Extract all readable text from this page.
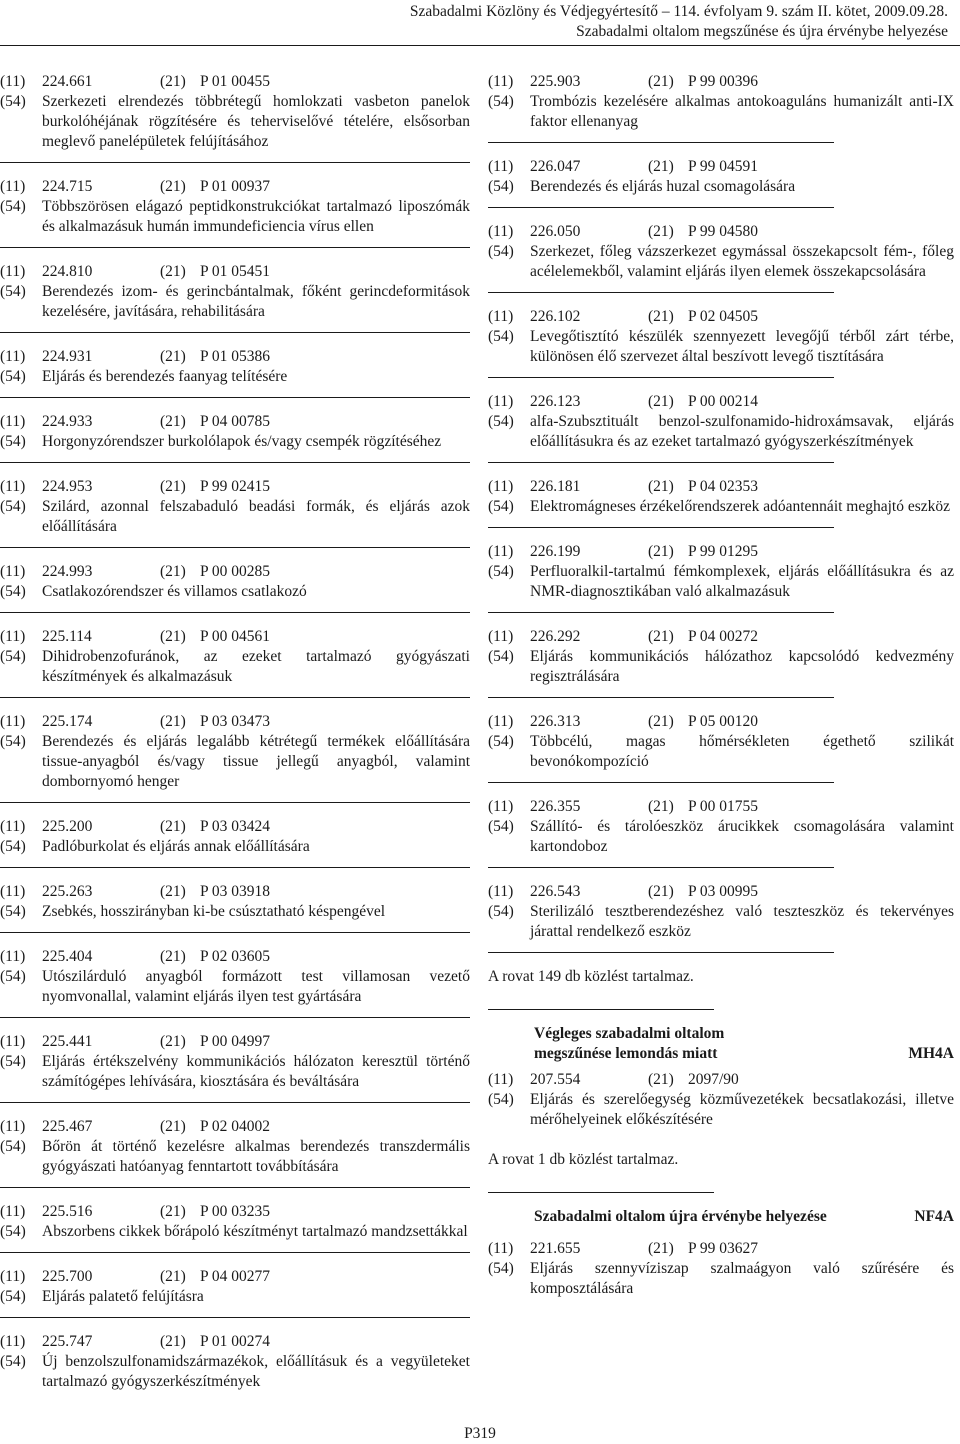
Szabadalmi Közlöny és Védjegyértesítő – 114. évfolyam 9. szám II. kötet, 2009.09.28.
Szabadalmi oltalom megszűnése és újra érvénybe helyezése
(11)	224.661	(21) P 01 00455
(54)	Szerkezeti elrendezés többrétegű homlokzati vasbeton panelok burkolóhéjának rögzítésére és teherviselővé tételére, elsősorban meglevő panelépületek felújításához
(11)	224.715	(21) P 01 00937
(54)	Többszörösen elágazó peptidkonstrukciókat tartalmazó liposzómák és alkalmazásuk humán immundeficiencia vírus ellen
(11)	224.810	(21) P 01 05451
(54)	Berendezés izom- és gerincbántalmak, főként gerincdeformitások kezelésére, javítására, rehabilitására
(11)	224.931	(21) P 01 05386
(54)	Eljárás és berendezés faanyag telítésére
(11)	224.933	(21) P 04 00785
(54)	Horgonyzórendszer burkolólapok és/vagy csempék rögzítéséhez
(11)	224.953	(21) P 99 02415
(54)	Szilárd, azonnal felszabaduló beadási formák, és eljárás azok előállítására
(11)	224.993	(21) P 00 00285
(54)	Csatlakozórendszer és villamos csatlakozó
(11)	225.114	(21) P 00 04561
(54)	Dihidrobenzofuránok, az ezeket tartalmazó gyógyászati készítmények és alkalmazásuk
(11)	225.174	(21) P 03 03473
(54)	Berendezés és eljárás legalább kétrétegű termékek előállítására tissue-anyagból és/vagy tissue jellegű anyagból, valamint dombornyomó henger
(11)	225.200	(21) P 03 03424
(54)	Padlóburkolat és eljárás annak előállítására
(11)	225.263	(21) P 03 03918
(54)	Zsebkés, hosszirányban ki-be csúsztatható késpengével
(11)	225.404	(21) P 02 03605
(54)	Utószilárduló anyagból formázott test villamosan vezető nyomvonallal, valamint eljárás ilyen test gyártására
(11)	225.441	(21) P 00 04997
(54)	Eljárás értékszelvény kommunikációs hálózaton keresztül történő számítógépes lehívására, kiosztására és beváltására
(11)	225.467	(21) P 02 04002
(54)	Bőrön át történő kezelésre alkalmas berendezés transzdermális gyógyászati hatóanyag fenntartott továbbítására
(11)	225.516	(21) P 00 03235
(54)	Abszorbens cikkek bőrápoló készítményt tartalmazó mandzsettákkal
(11)	225.700	(21) P 04 00277
(54)	Eljárás palatető felújításra
(11)	225.747	(21) P 01 00274
(54)	Új benzolszulfonamidszármazékok, előállításuk és a vegyületeket tartalmazó gyógyszerkészítmények
(11)	225.903	(21) P 99 00396
(54)	Trombózis kezelésére alkalmas antokoaguláns humanizált anti-IX faktor ellenanyag
(11)	226.047	(21) P 99 04591
(54)	Berendezés és eljárás huzal csomagolására
(11)	226.050	(21) P 99 04580
(54)	Szerkezet, főleg vázszerkezet egymással összekapcsolt fém-, főleg acélelemekből, valamint eljárás ilyen elemek összekapcsolására
(11)	226.102	(21) P 02 04505
(54)	Levegőtisztító készülék szennyezett levegőjű térből zárt térbe, különösen élő szervezet által beszívott levegő tisztítására
(11)	226.123	(21) P 00 00214
(54)	alfa-Szubsztituált benzol-szulfonamido-hidroxámsavak, eljárás előállításukra és az ezeket tartalmazó gyógyszerkészítmények
(11)	226.181	(21) P 04 02353
(54)	Elektromágneses érzékelőrendszerek adóantennáit meghajtó eszköz
(11)	226.199	(21) P 99 01295
(54)	Perfluoralkil-tartalmú fémkomplexek, eljárás előállításukra és az NMR-diagnosztikában való alkalmazásuk
(11)	226.292	(21) P 04 00272
(54)	Eljárás kommunikációs hálózathoz kapcsolódó kedvezmény regisztrálására
(11)	226.313	(21) P 05 00120
(54)	Többcélú, magas hőmérsékleten égethető szilikát bevonókompozíció
(11)	226.355	(21) P 00 01755
(54)	Szállító- és tárolóeszköz árucikkek csomagolására valamint kartondoboz
(11)	226.543	(21) P 03 00995
(54)	Sterilizáló tesztberendezéshez való teszteszköz és tekervényes járattal rendelkező eszköz
A rovat 149 db közlést tartalmaz.
Végleges szabadalmi oltalom
megszűnése lemondás miatt	MH4A
(11)	207.554	(21) 2097/90
(54)	Eljárás és szerelőegység közművezetékek becsatlakozási, illetve mérőhelyeinek előkészítésére
A rovat 1 db közlést tartalmaz.
Szabadalmi oltalom újra érvénybe helyezése	NF4A
(11)	221.655	(21) P 99 03627
(54)	Eljárás szennyvíziszap szalmaágyon való szűrésére és komposztálására
P319
